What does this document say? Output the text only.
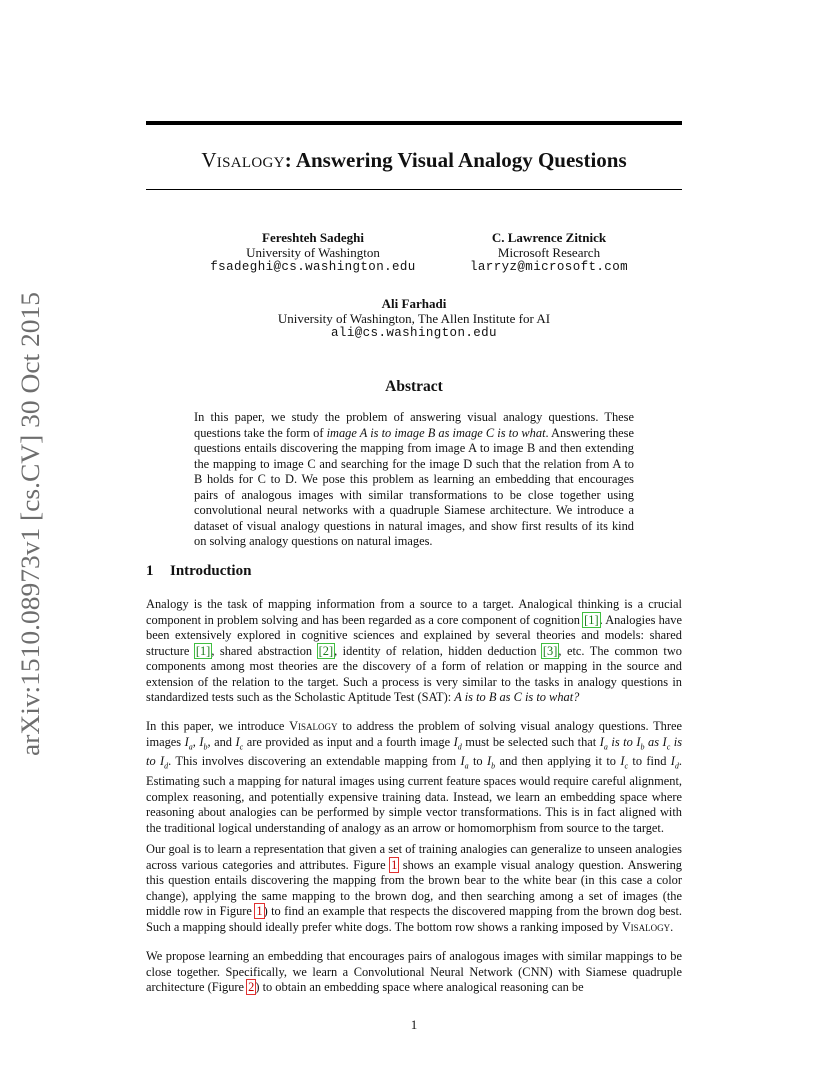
arXiv:1510.08973v1 [cs.CV] 30 Oct 2015
Visalogy: Answering Visual Analogy Questions
Fereshteh Sadeghi
University of Washington
fsadeghi@cs.washington.edu
C. Lawrence Zitnick
Microsoft Research
larryz@microsoft.com
Ali Farhadi
University of Washington, The Allen Institute for AI
ali@cs.washington.edu
Abstract
In this paper, we study the problem of answering visual analogy questions. These questions take the form of image A is to image B as image C is to what. Answering these questions entails discovering the mapping from image A to image B and then extending the mapping to image C and searching for the image D such that the relation from A to B holds for C to D. We pose this problem as learning an embedding that encourages pairs of analogous images with similar transformations to be close together using convolutional neural networks with a quadruple Siamese architecture. We introduce a dataset of visual analogy questions in natural images, and show first results of its kind on solving analogy questions on natural images.
1 Introduction
Analogy is the task of mapping information from a source to a target. Analogical thinking is a crucial component in problem solving and has been regarded as a core component of cognition [1]. Analogies have been extensively explored in cognitive sciences and explained by several theories and models: shared structure [1], shared abstraction [2], identity of relation, hidden deduction [3], etc. The common two components among most theories are the discovery of a form of relation or mapping in the source and extension of the relation to the target. Such a process is very similar to the tasks in analogy questions in standardized tests such as the Scholastic Aptitude Test (SAT): A is to B as C is to what?
In this paper, we introduce Visalogy to address the problem of solving visual analogy questions. Three images $I_a$, $I_b$, and $I_c$ are provided as input and a fourth image $I_d$ must be selected such that $I_a$ is to $I_b$ as $I_c$ is to $I_d$. This involves discovering an extendable mapping from $I_a$ to $I_b$ and then applying it to $I_c$ to find $I_d$. Estimating such a mapping for natural images using current feature spaces would require careful alignment, complex reasoning, and potentially expensive training data. Instead, we learn an embedding space where reasoning about analogies can be performed by simple vector transformations. This is in fact aligned with the traditional logical understanding of analogy as an arrow or homomorphism from source to the target.
Our goal is to learn a representation that given a set of training analogies can generalize to unseen analogies across various categories and attributes. Figure 1 shows an example visual analogy question. Answering this question entails discovering the mapping from the brown bear to the white bear (in this case a color change), applying the same mapping to the brown dog, and then searching among a set of images (the middle row in Figure 1) to find an example that respects the discovered mapping from the brown dog best. Such a mapping should ideally prefer white dogs. The bottom row shows a ranking imposed by Visalogy.
We propose learning an embedding that encourages pairs of analogous images with similar mappings to be close together. Specifically, we learn a Convolutional Neural Network (CNN) with Siamese quadruple architecture (Figure 2) to obtain an embedding space where analogical reasoning can be
1
